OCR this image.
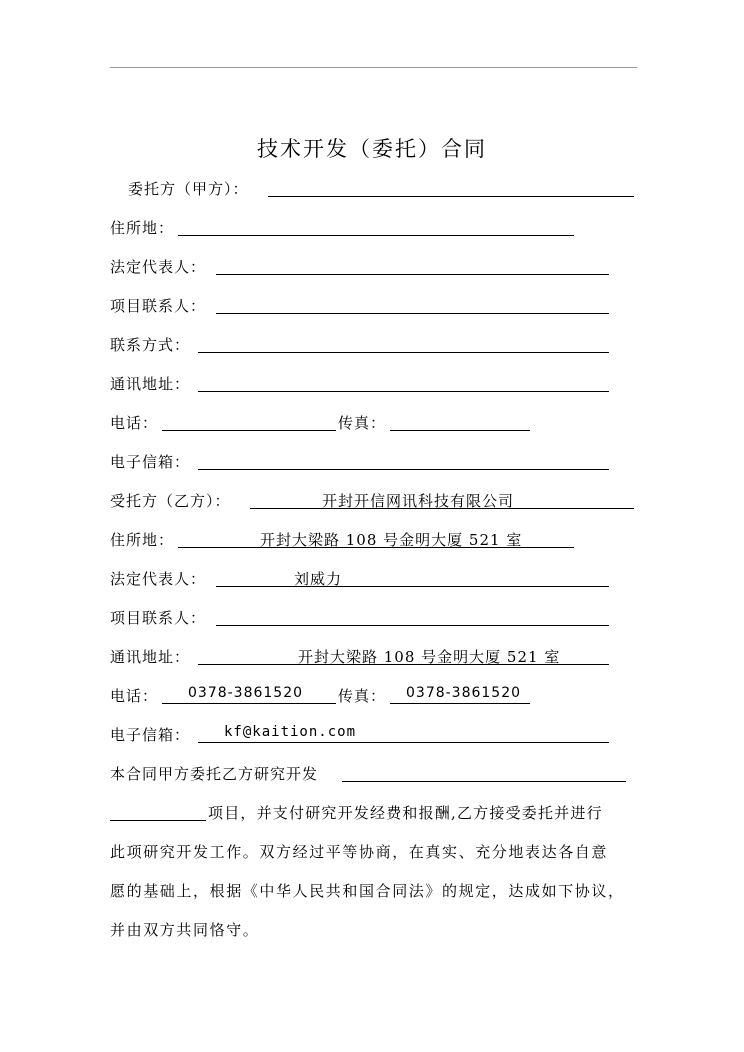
技术开发（委托）合同
委托方（甲方）：
住所地：
法定代表人：
项目联系人：
联系方式：
通讯地址：
电话：	传真：
电子信箱：
受托方（乙方）：	开封开信网讯科技有限公司
住所地：	开封大梁路 108 号金明大厦 521 室
法定代表人：	刘威力
项目联系人：
通讯地址：	开封大梁路 108 号金明大厦 521 室
电话： 0378-3861520 传真： 0378-3861520
电子信箱： kf@kaition.com
本合同甲方委托乙方研究开发
项目，并支付研究开发经费和报酬,乙方接受委托并进行
此项研究开发工作。双方经过平等协商，在真实、充分地表达各自意
愿的基础上，根据《中华人民共和国合同法》的规定，达成如下协议，
并由双方共同恪守。
